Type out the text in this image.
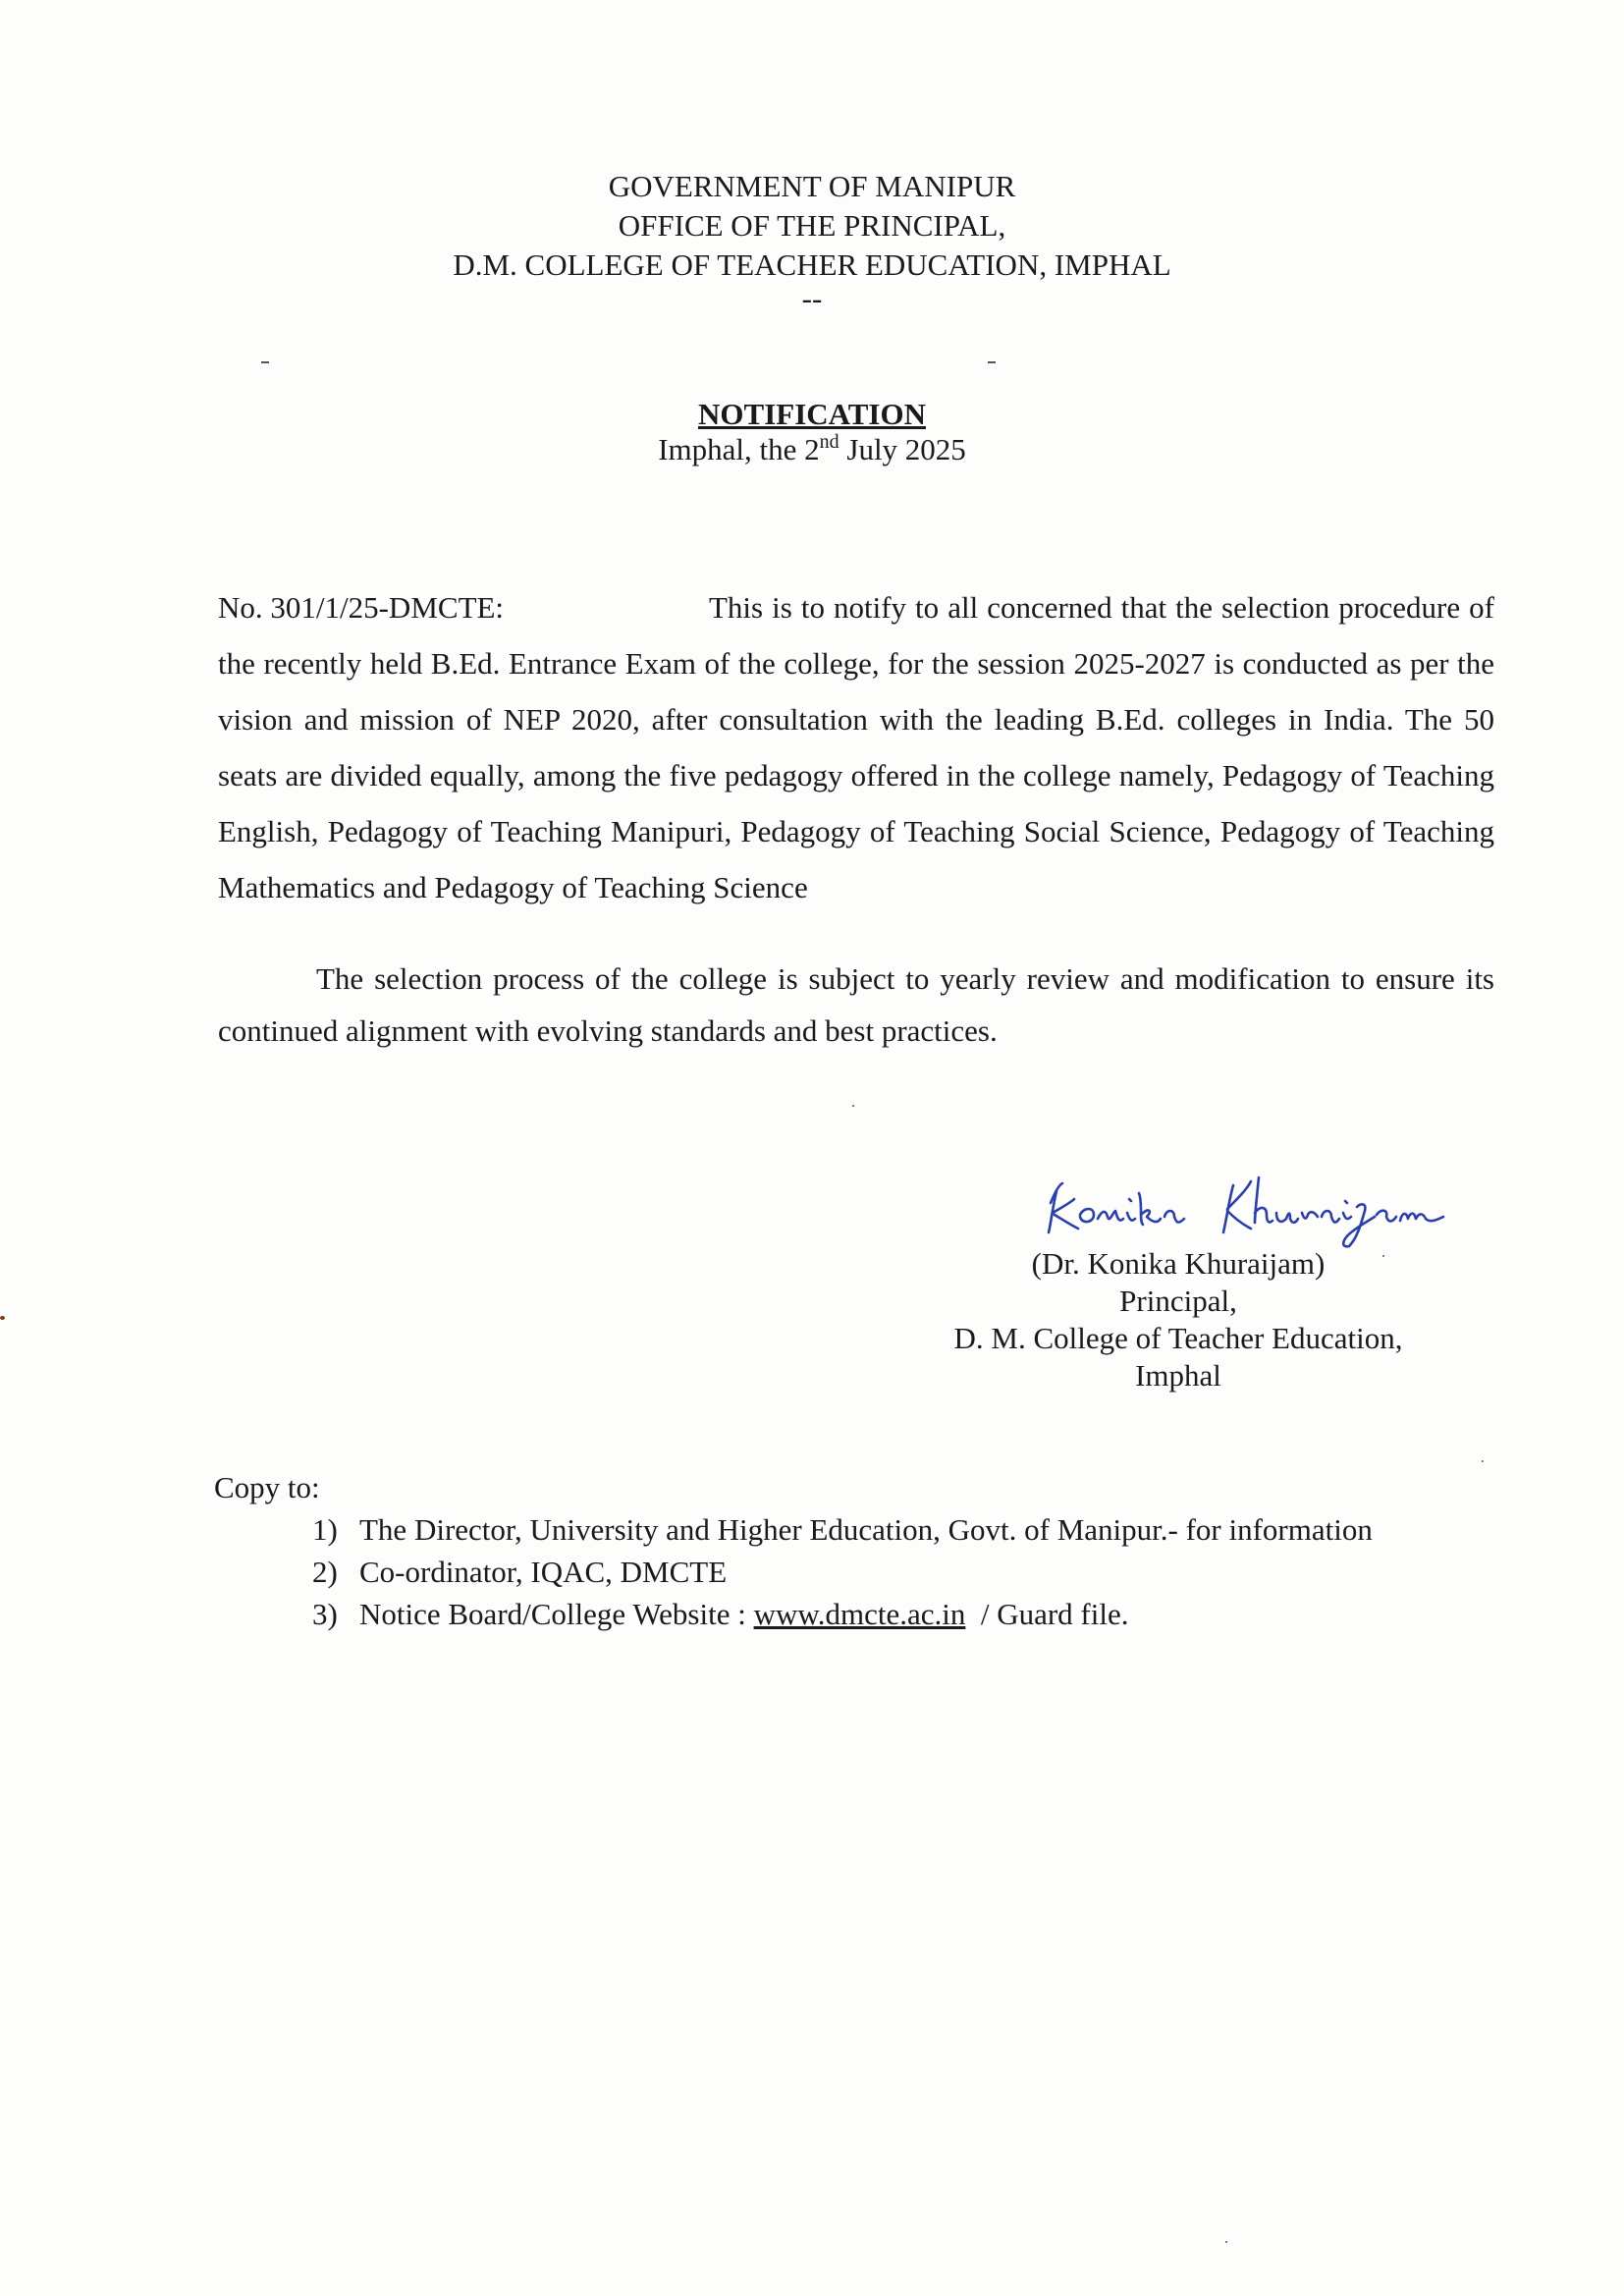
GOVERNMENT OF MANIPUR
OFFICE OF THE PRINCIPAL,
D.M. COLLEGE OF TEACHER EDUCATION, IMPHAL
--
NOTIFICATION
Imphal, the 2nd July 2025
No. 301/1/25-DMCTE:	This is to notify to all concerned that the selection procedure of the recently held B.Ed. Entrance Exam of the college, for the session 2025-2027 is conducted as per the vision and mission of NEP 2020, after consultation with the leading B.Ed. colleges in India. The 50 seats are divided equally, among the five pedagogy offered in the college namely, Pedagogy of Teaching English, Pedagogy of Teaching Manipuri, Pedagogy of Teaching Social Science, Pedagogy of Teaching Mathematics and Pedagogy of Teaching Science
The selection process of the college is subject to yearly review and modification to ensure its continued alignment with evolving standards and best practices.
(Dr. Konika Khuraijam)
Principal,
D. M. College of Teacher Education,
Imphal
Copy to:
1) The Director, University and Higher Education, Govt. of Manipur.- for information
2) Co-ordinator, IQAC, DMCTE
3) Notice Board/College Website : www.dmcte.ac.in  / Guard file.
